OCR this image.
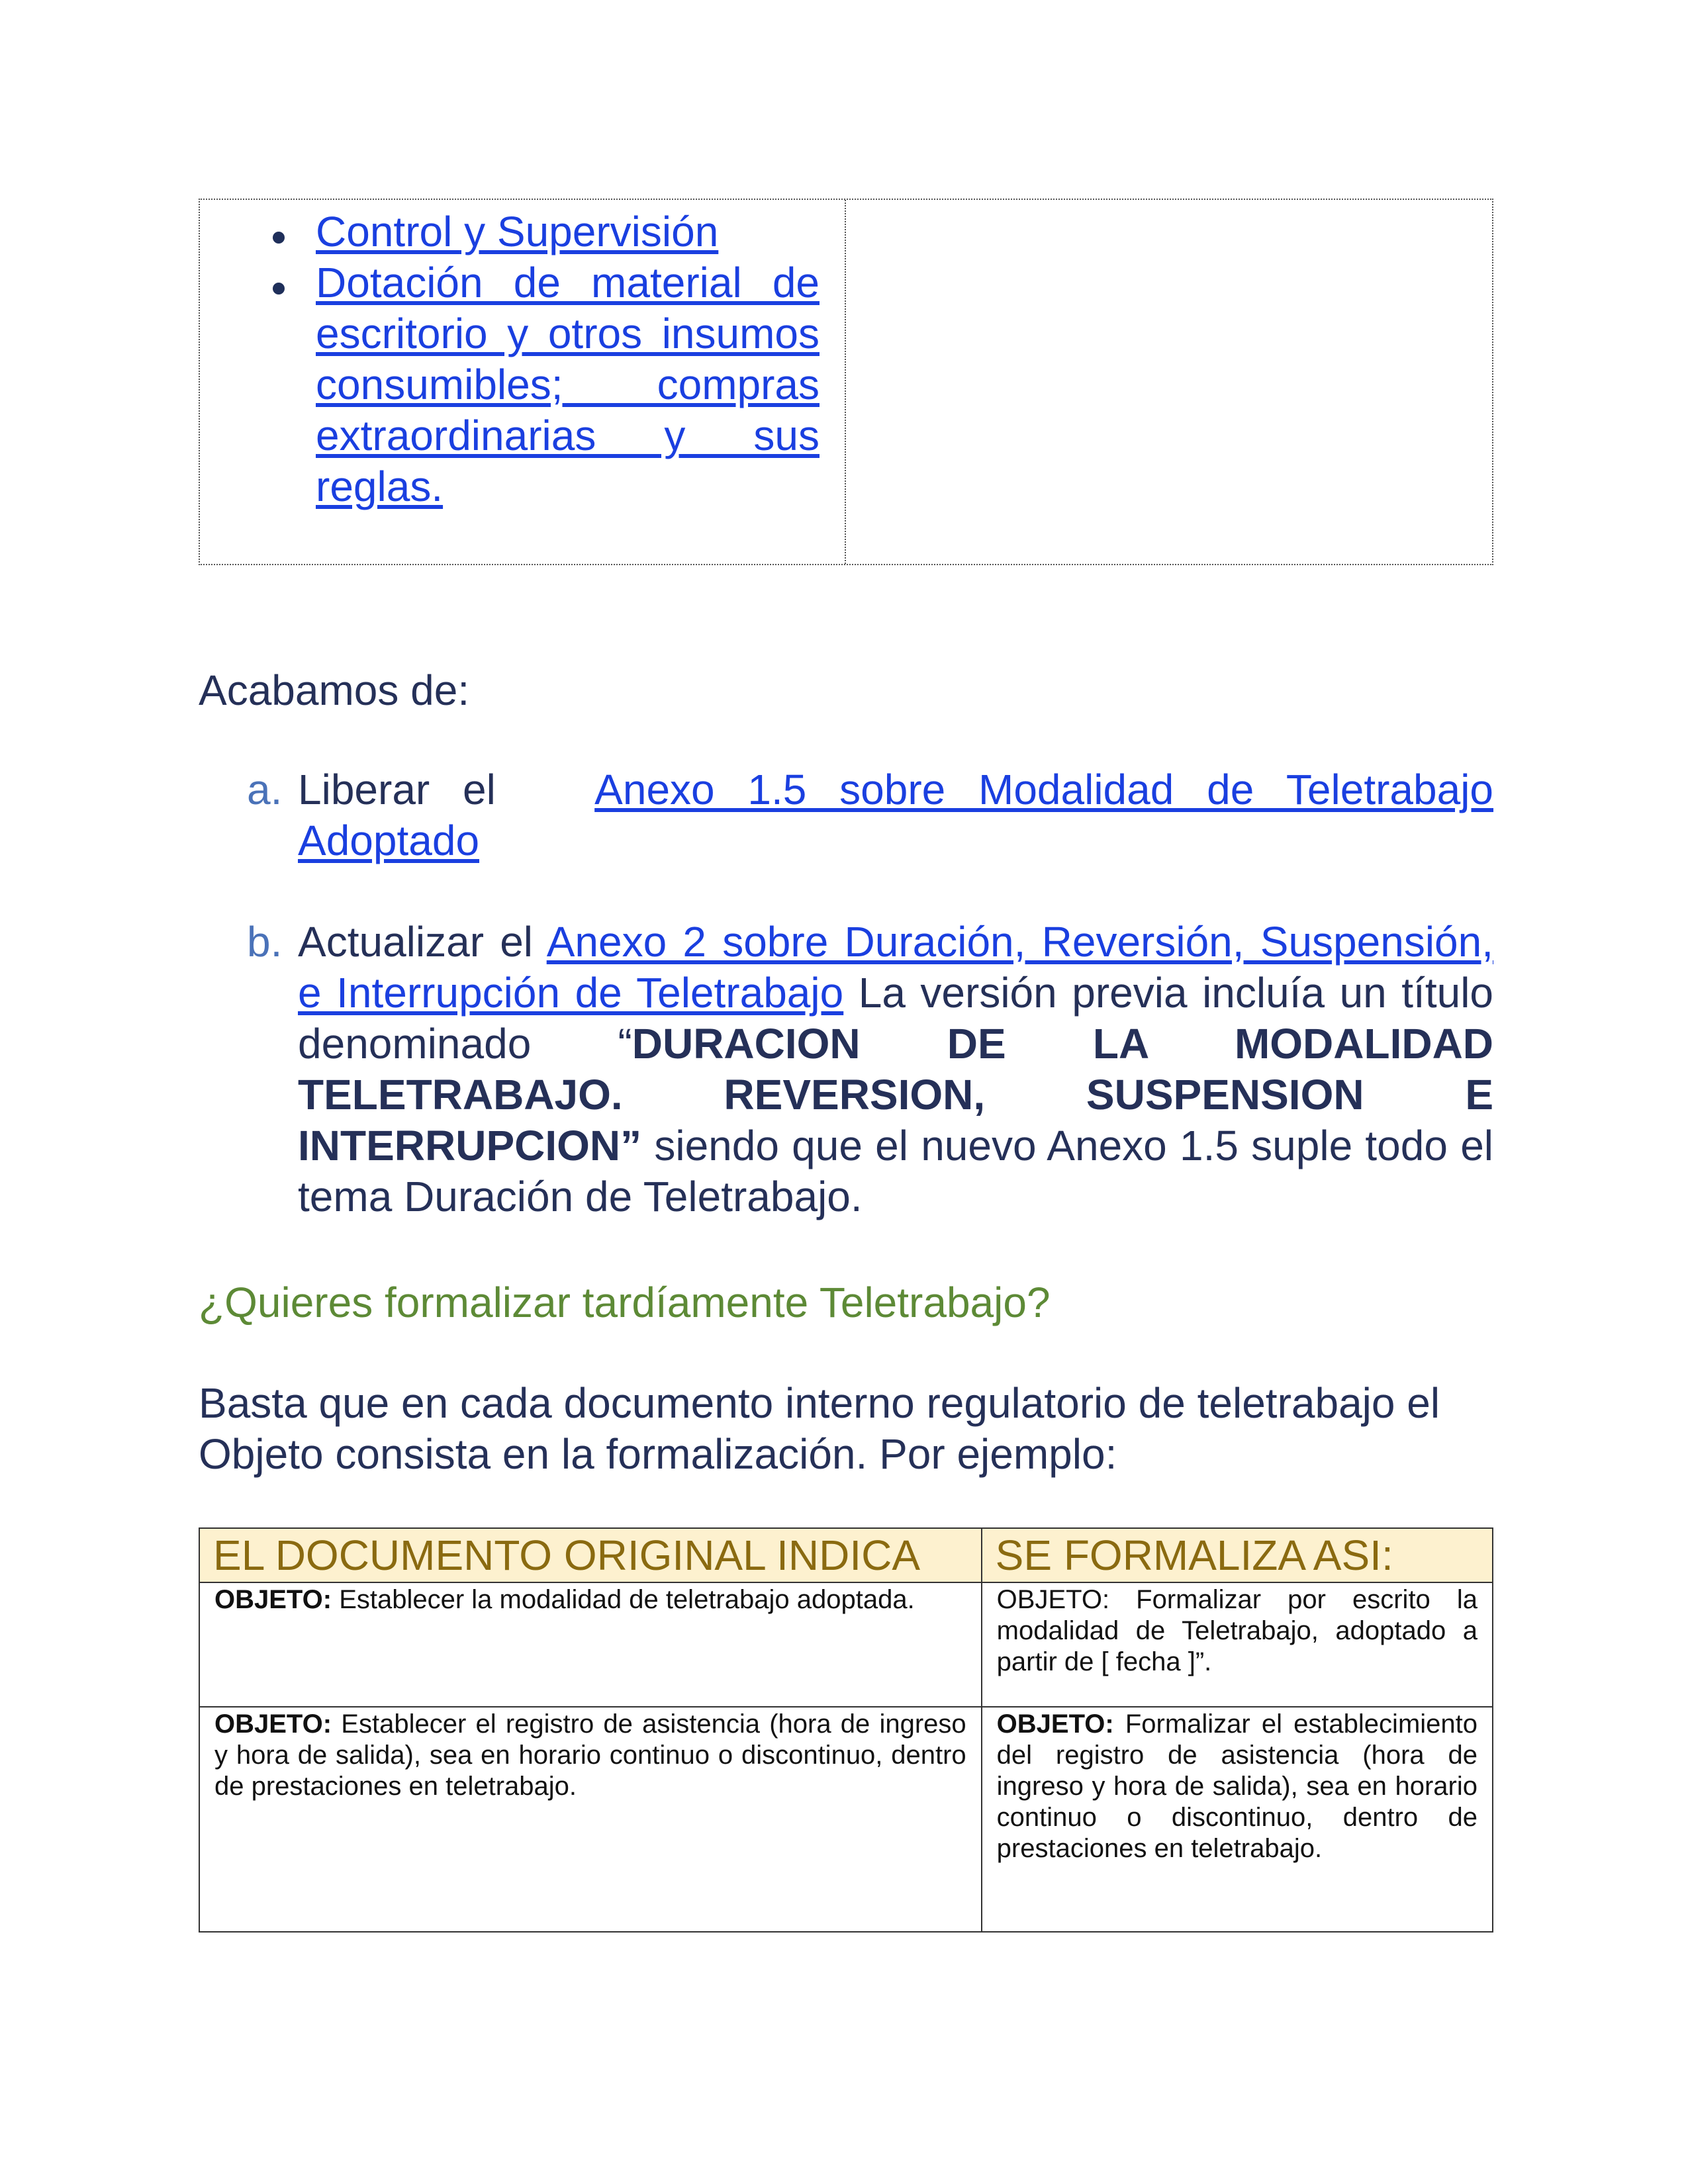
Control y Supervisión
Dotación de material de escritorio y otros insumos consumibles; compras extraordinarias y sus reglas.
Acabamos de:
a. Liberar el Anexo 1.5 sobre Modalidad de Teletrabajo Adoptado
b. Actualizar el Anexo 2 sobre Duración, Reversión, Suspensión, e Interrupción de Teletrabajo La versión previa incluía un título denominado “DURACION DE LA MODALIDAD TELETRABAJO. REVERSION, SUSPENSION E INTERRUPCION” siendo que el nuevo Anexo 1.5 suple todo el tema Duración de Teletrabajo.
¿Quieres formalizar tardíamente Teletrabajo?
Basta que en cada documento interno regulatorio de teletrabajo el Objeto consista en la formalización. Por ejemplo:
EL DOCUMENTO ORIGINAL INDICA	SE FORMALIZA ASI:
OBJETO: Establecer la modalidad de teletrabajo adoptada.	OBJETO: Formalizar por escrito la modalidad de Teletrabajo, adoptado a partir de [ fecha ]”.
OBJETO: Establecer el registro de asistencia (hora de ingreso y hora de salida), sea en horario continuo o discontinuo, dentro de prestaciones en teletrabajo.	OBJETO: Formalizar el establecimiento del registro de asistencia (hora de ingreso y hora de salida), sea en horario continuo o discontinuo, dentro de prestaciones en teletrabajo.
